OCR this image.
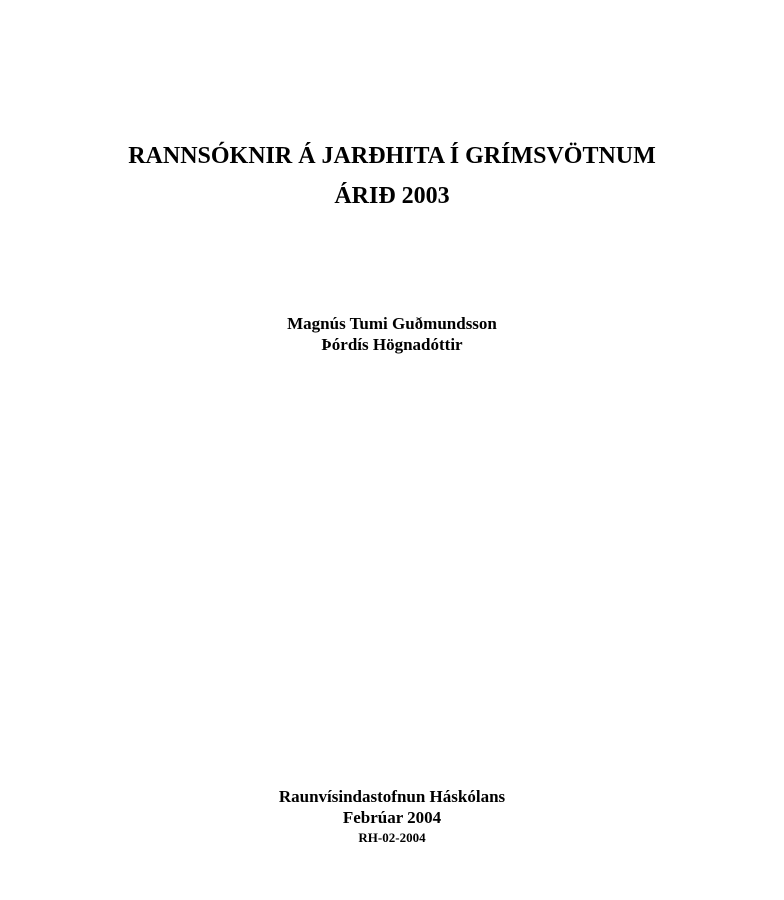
RANNSÓKNIR Á JARÐHITA Í GRÍMSVÖTNUM
ÁRIÐ 2003
Magnús Tumi Guðmundsson
Þórdís Högnadóttir
Raunvísindastofnun Háskólans
Febrúar 2004
RH-02-2004
